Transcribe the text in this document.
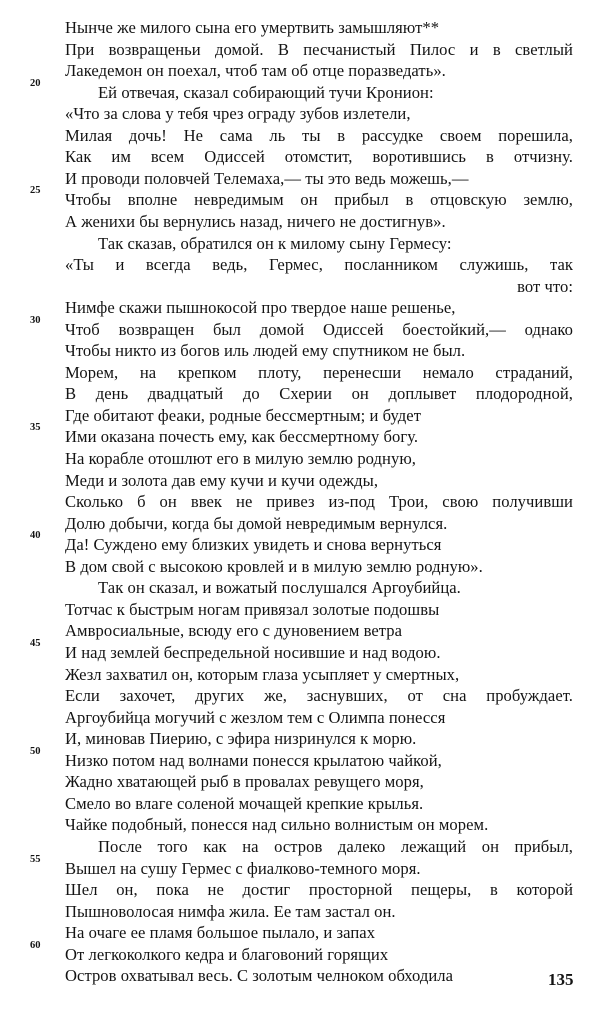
20
25
30
35
40
45
50
55
60
Нынче же милого сына его умертвить замышляют**
При возвращеньи домой. В песчанистый Пилос и в светлый
Лакедемон он поехал, чтоб там об отце поразведать».
Ей отвечая, сказал собирающий тучи Кронион:
«Что за слова у тебя чрез ограду зубов излетели,
Милая дочь! Не сама ль ты в рассудке своем порешила,
Как им всем Одиссей отомстит, воротившись в отчизну.
И проводи половчей Телемаха,— ты это ведь можешь,—
Чтобы вполне невредимым он прибыл в отцовскую землю,
А женихи бы вернулись назад, ничего не достигнув».
Так сказав, обратился он к милому сыну Гермесу:
«Ты и всегда ведь, Гермес, посланником служишь, так
вот что:
Нимфе скажи пышнокосой про твердое наше решенье,
Чтоб возвращен был домой Одиссей боестойкий,— однако
Чтобы никто из богов иль людей ему спутником не был.
Морем, на крепком плоту, перенесши немало страданий,
В день двадцатый до Схерии он доплывет плодородной,
Где обитают феаки, родные бессмертным; и будет
Ими оказана почесть ему, как бессмертному богу.
На корабле отошлют его в милую землю родную,
Меди и золота дав ему кучи и кучи одежды,
Сколько б он ввек не привез из-под Трои, свою получивши
Долю добычи, когда бы домой невредимым вернулся.
Да! Суждено ему близких увидеть и снова вернуться
В дом свой с высокою кровлей и в милую землю родную».
Так он сказал, и вожатый послушался Аргоубийца.
Тотчас к быстрым ногам привязал золотые подошвы
Амвросиальные, всюду его с дуновением ветра
И над землей беспредельной носившие и над водою.
Жезл захватил он, которым глаза усыпляет у смертных,
Если захочет, других же, заснувших, от сна пробуждает.
Аргоубийца могучий с жезлом тем с Олимпа понесся
И, миновав Пиерию, с эфира низринулся к морю.
Низко потом над волнами понесся крылатою чайкой,
Жадно хватающей рыб в провалах ревущего моря,
Смело во влаге соленой мочащей крепкие крылья.
Чайке подобный, понесся над сильно волнистым он морем.
После того как на остров далеко лежащий он прибыл,
Вышел на сушу Гермес с фиалково-темного моря.
Шел он, пока не достиг просторной пещеры, в которой
Пышноволосая нимфа жила. Ее там застал он.
На очаге ее пламя большое пылало, и запах
От легкоколкого кедра и благовоний горящих
Остров охватывал весь. С золотым челноком обходила	135
